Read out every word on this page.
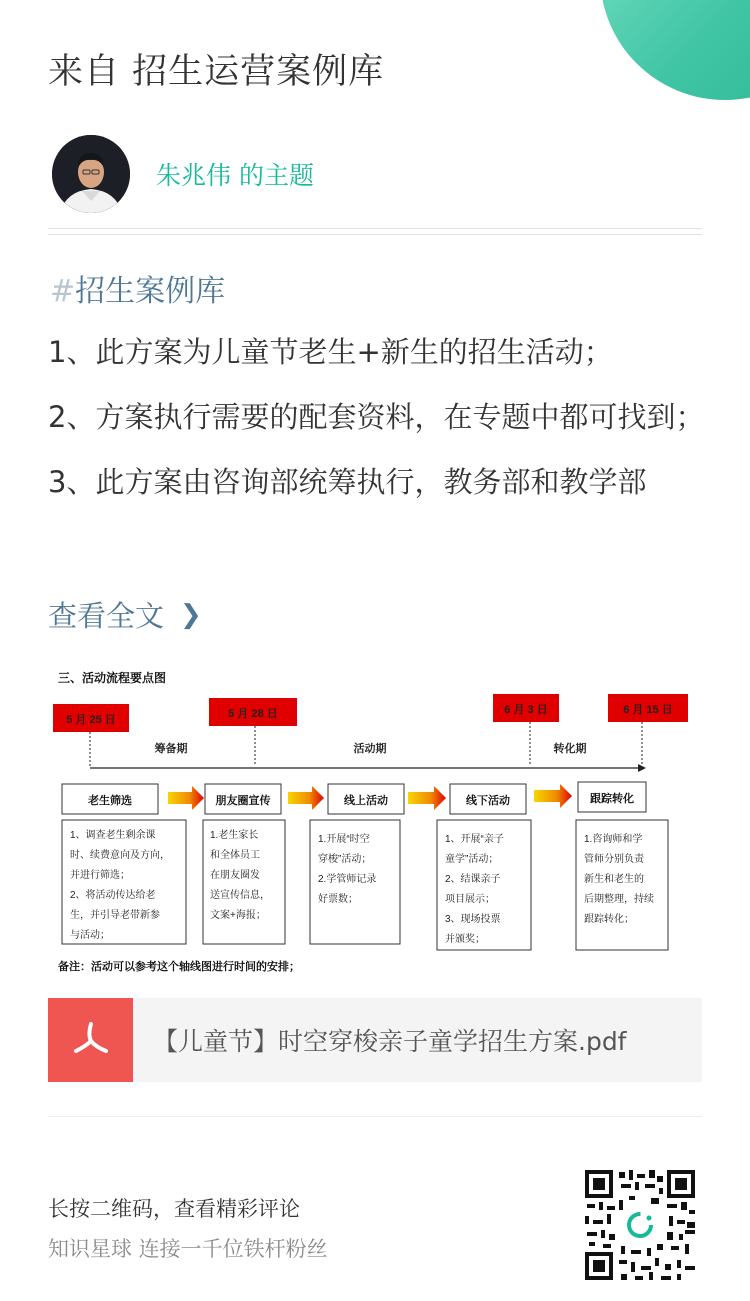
来自 招生运营案例库
朱兆伟 的主题
#招生案例库

1、此方案为儿童节老生+新生的招生活动；

2、方案执行需要的配套资料，在专题中都可找到；

3、此方案由咨询部统筹执行，教务部和教学部

查看全文 ❯
三、活动流程要点图
5 月 25 日	5 月 28 日	6 月 3 日	6 月 15 日
筹备期	活动期	转化期
老生筛选	朋友圈宣传	线上活动	线下活动	跟踪转化
1、调查老生剩余课 时、续费意向及方向， 并进行筛选； 2、将活动传达给老 生，并引导老带新参 与活动；
1.老生家长 和全体员工 在朋友圈发 送宣传信息， 文案+海报；
1.开展“时空 穿梭”活动； 2.学管师记录 好票数；
1、开展“亲子 童学”活动； 2、结课亲子 项目展示； 3、现场投票 并颁奖；
1.咨询师和学 管师分别负责 新生和老生的 后期整理，持续 跟踪转化；
备注：活动可以参考这个轴线图进行时间的安排；
【儿童节】时空穿梭亲子童学招生方案.pdf
长按二维码，查看精彩评论
知识星球 连接一千位铁杆粉丝
